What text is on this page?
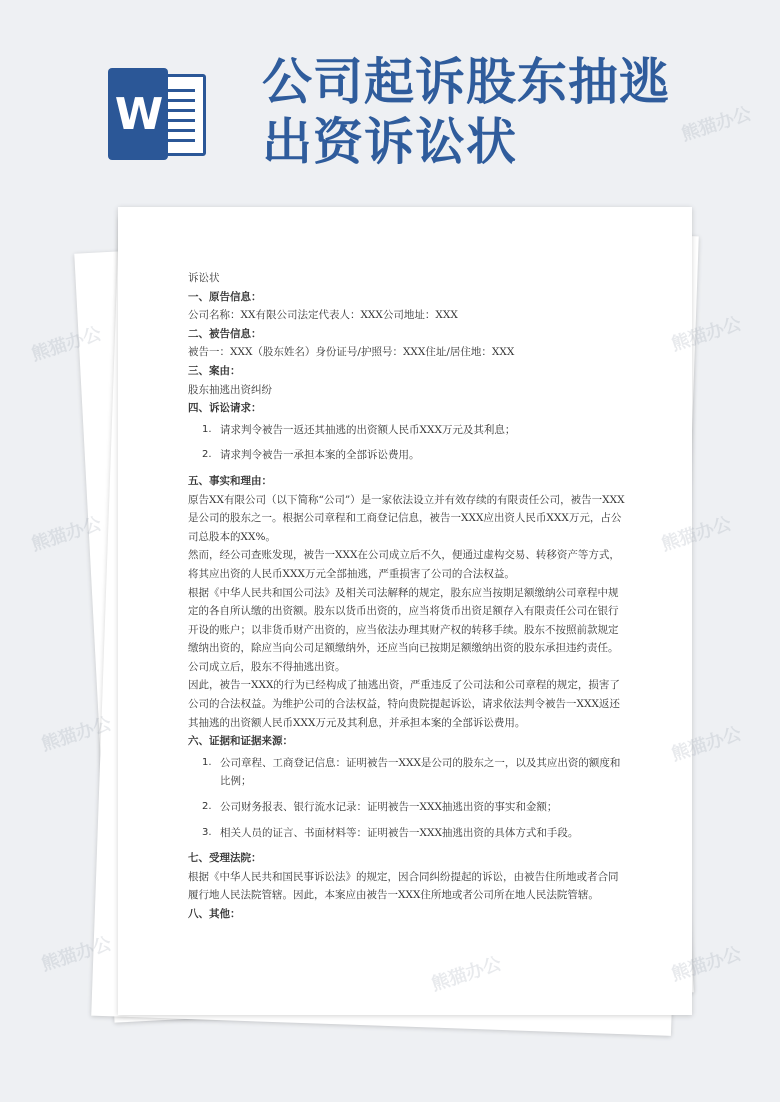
W
公司起诉股东抽逃
出资诉讼状

诉讼状

一、原告信息：

公司名称：XX有限公司法定代表人：XXX公司地址：XXX

二、被告信息：

被告一：XXX（股东姓名）身份证号/护照号：XXX住址/居住地：XXX

三、案由：

股东抽逃出资纠纷

四、诉讼请求：

1. 请求判令被告一返还其抽逃的出资额人民币XXX万元及其利息；
2. 请求判令被告一承担本案的全部诉讼费用。

五、事实和理由：

原告XX有限公司（以下简称“公司”）是一家依法设立并有效存续的有限责任公司，被告一XXX是公司的股东之一。根据公司章程和工商登记信息，被告一XXX应出资人民币XXX万元，占公司总股本的XX%。

然而，经公司查账发现，被告一XXX在公司成立后不久，便通过虚构交易、转移资产等方式，将其应出资的人民币XXX万元全部抽逃，严重损害了公司的合法权益。

根据《中华人民共和国公司法》及相关司法解释的规定，股东应当按期足额缴纳公司章程中规定的各自所认缴的出资额。股东以货币出资的，应当将货币出资足额存入有限责任公司在银行开设的账户；以非货币财产出资的，应当依法办理其财产权的转移手续。股东不按照前款规定缴纳出资的，除应当向公司足额缴纳外，还应当向已按期足额缴纳出资的股东承担违约责任。公司成立后，股东不得抽逃出资。

因此，被告一XXX的行为已经构成了抽逃出资，严重违反了公司法和公司章程的规定，损害了公司的合法权益。为维护公司的合法权益，特向贵院提起诉讼，请求依法判令被告一XXX返还其抽逃的出资额人民币XXX万元及其利息，并承担本案的全部诉讼费用。

六、证据和证据来源：

1. 公司章程、工商登记信息：证明被告一XXX是公司的股东之一，以及其应出资的额度和比例；
2. 公司财务报表、银行流水记录：证明被告一XXX抽逃出资的事实和金额；
3. 相关人员的证言、书面材料等：证明被告一XXX抽逃出资的具体方式和手段。

七、受理法院：

根据《中华人民共和国民事诉讼法》的规定，因合同纠纷提起的诉讼，由被告住所地或者合同履行地人民法院管辖。因此，本案应由被告一XXX住所地或者公司所在地人民法院管辖。

八、其他：

熊猫办公	熊猫办公
熊猫办公	熊猫办公
熊猫办公	熊猫办公
熊猫办公	熊猫办公	熊猫办公
熊猫办公
